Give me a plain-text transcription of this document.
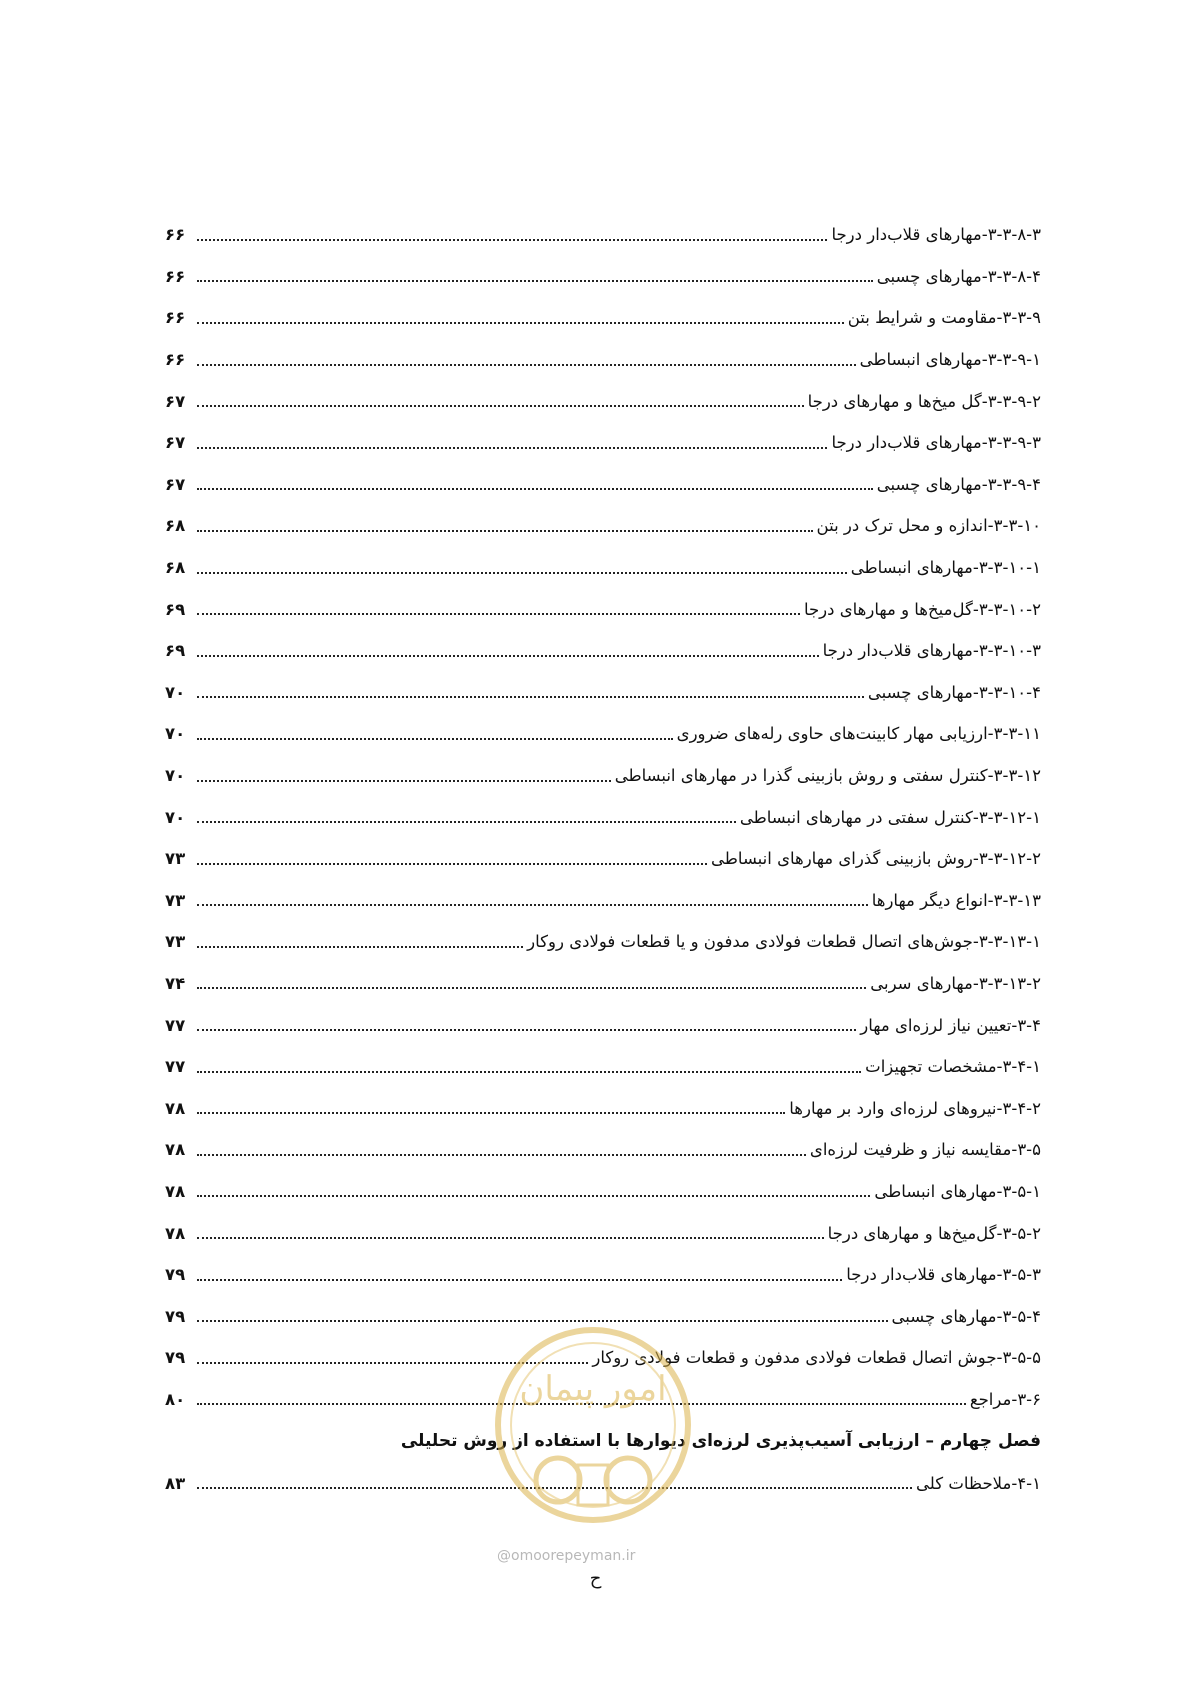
۳-۳-۸-۳-
مهارهای قلاب‌دار درجا
۶۶
۳-۳-۸-۴-
مهارهای چسبی
۶۶
۳-۳-۹-
مقاومت و شرایط بتن
۶۶
۳-۳-۹-۱-
مهارهای انبساطی
۶۶
۳-۳-۹-۲-
گل میخ‌ها و مهارهای درجا
۶۷
۳-۳-۹-۳-
مهارهای قلاب‌دار درجا
۶۷
۳-۳-۹-۴-
مهارهای چسبی
۶۷
۳-۳-۱۰-
اندازه و محل ترک در بتن
۶۸
۳-۳-۱۰-۱-
مهارهای انبساطی
۶۸
۳-۳-۱۰-۲-
گل‌میخ‌ها و مهارهای درجا
۶۹
۳-۳-۱۰-۳-
مهارهای قلاب‌دار درجا
۶۹
۳-۳-۱۰-۴-
مهارهای چسبی
۷۰
۳-۳-۱۱-
ارزیابی مهار کابینت‌های حاوی رله‌های ضروری
۷۰
۳-۳-۱۲-
کنترل سفتی و روش بازبینی گذرا در مهارهای انبساطی
۷۰
۳-۳-۱۲-۱-
کنترل سفتی در مهارهای انبساطی
۷۰
۳-۳-۱۲-۲-
روش بازبینی گذرای مهارهای انبساطی
۷۳
۳-۳-۱۳-
انواع دیگر مهارها
۷۳
۳-۳-۱۳-۱-
جوش‌های اتصال قطعات فولادی مدفون و یا قطعات فولادی روکار
۷۳
۳-۳-۱۳-۲-
مهارهای سربی
۷۴
۳-۴-
تعیین نیاز لرزه‌ای مهار
۷۷
۳-۴-۱-
مشخصات تجهیزات
۷۷
۳-۴-۲-
نیروهای لرزه‌ای وارد بر مهارها
۷۸
۳-۵-
مقایسه نیاز و ظرفیت لرزه‌ای
۷۸
۳-۵-۱-
مهارهای انبساطی
۷۸
۳-۵-۲-
گل‌میخ‌ها و مهارهای درجا
۷۸
۳-۵-۳-
مهارهای قلاب‌دار درجا
۷۹
۳-۵-۴-
مهارهای چسبی
۷۹
۳-۵-۵-
جوش اتصال قطعات فولادی مدفون و قطعات فولادی روکار
۷۹
۳-۶-
مراجع
۸۰
فصل چهارم – ارزیابی آسیب‌پذیری لرزه‌ای دیوارها با استفاده از روش تحلیلی
۴-۱-
ملاحظات کلی
۸۳
امور پیمان
@omoorepeyman.ir
ح
